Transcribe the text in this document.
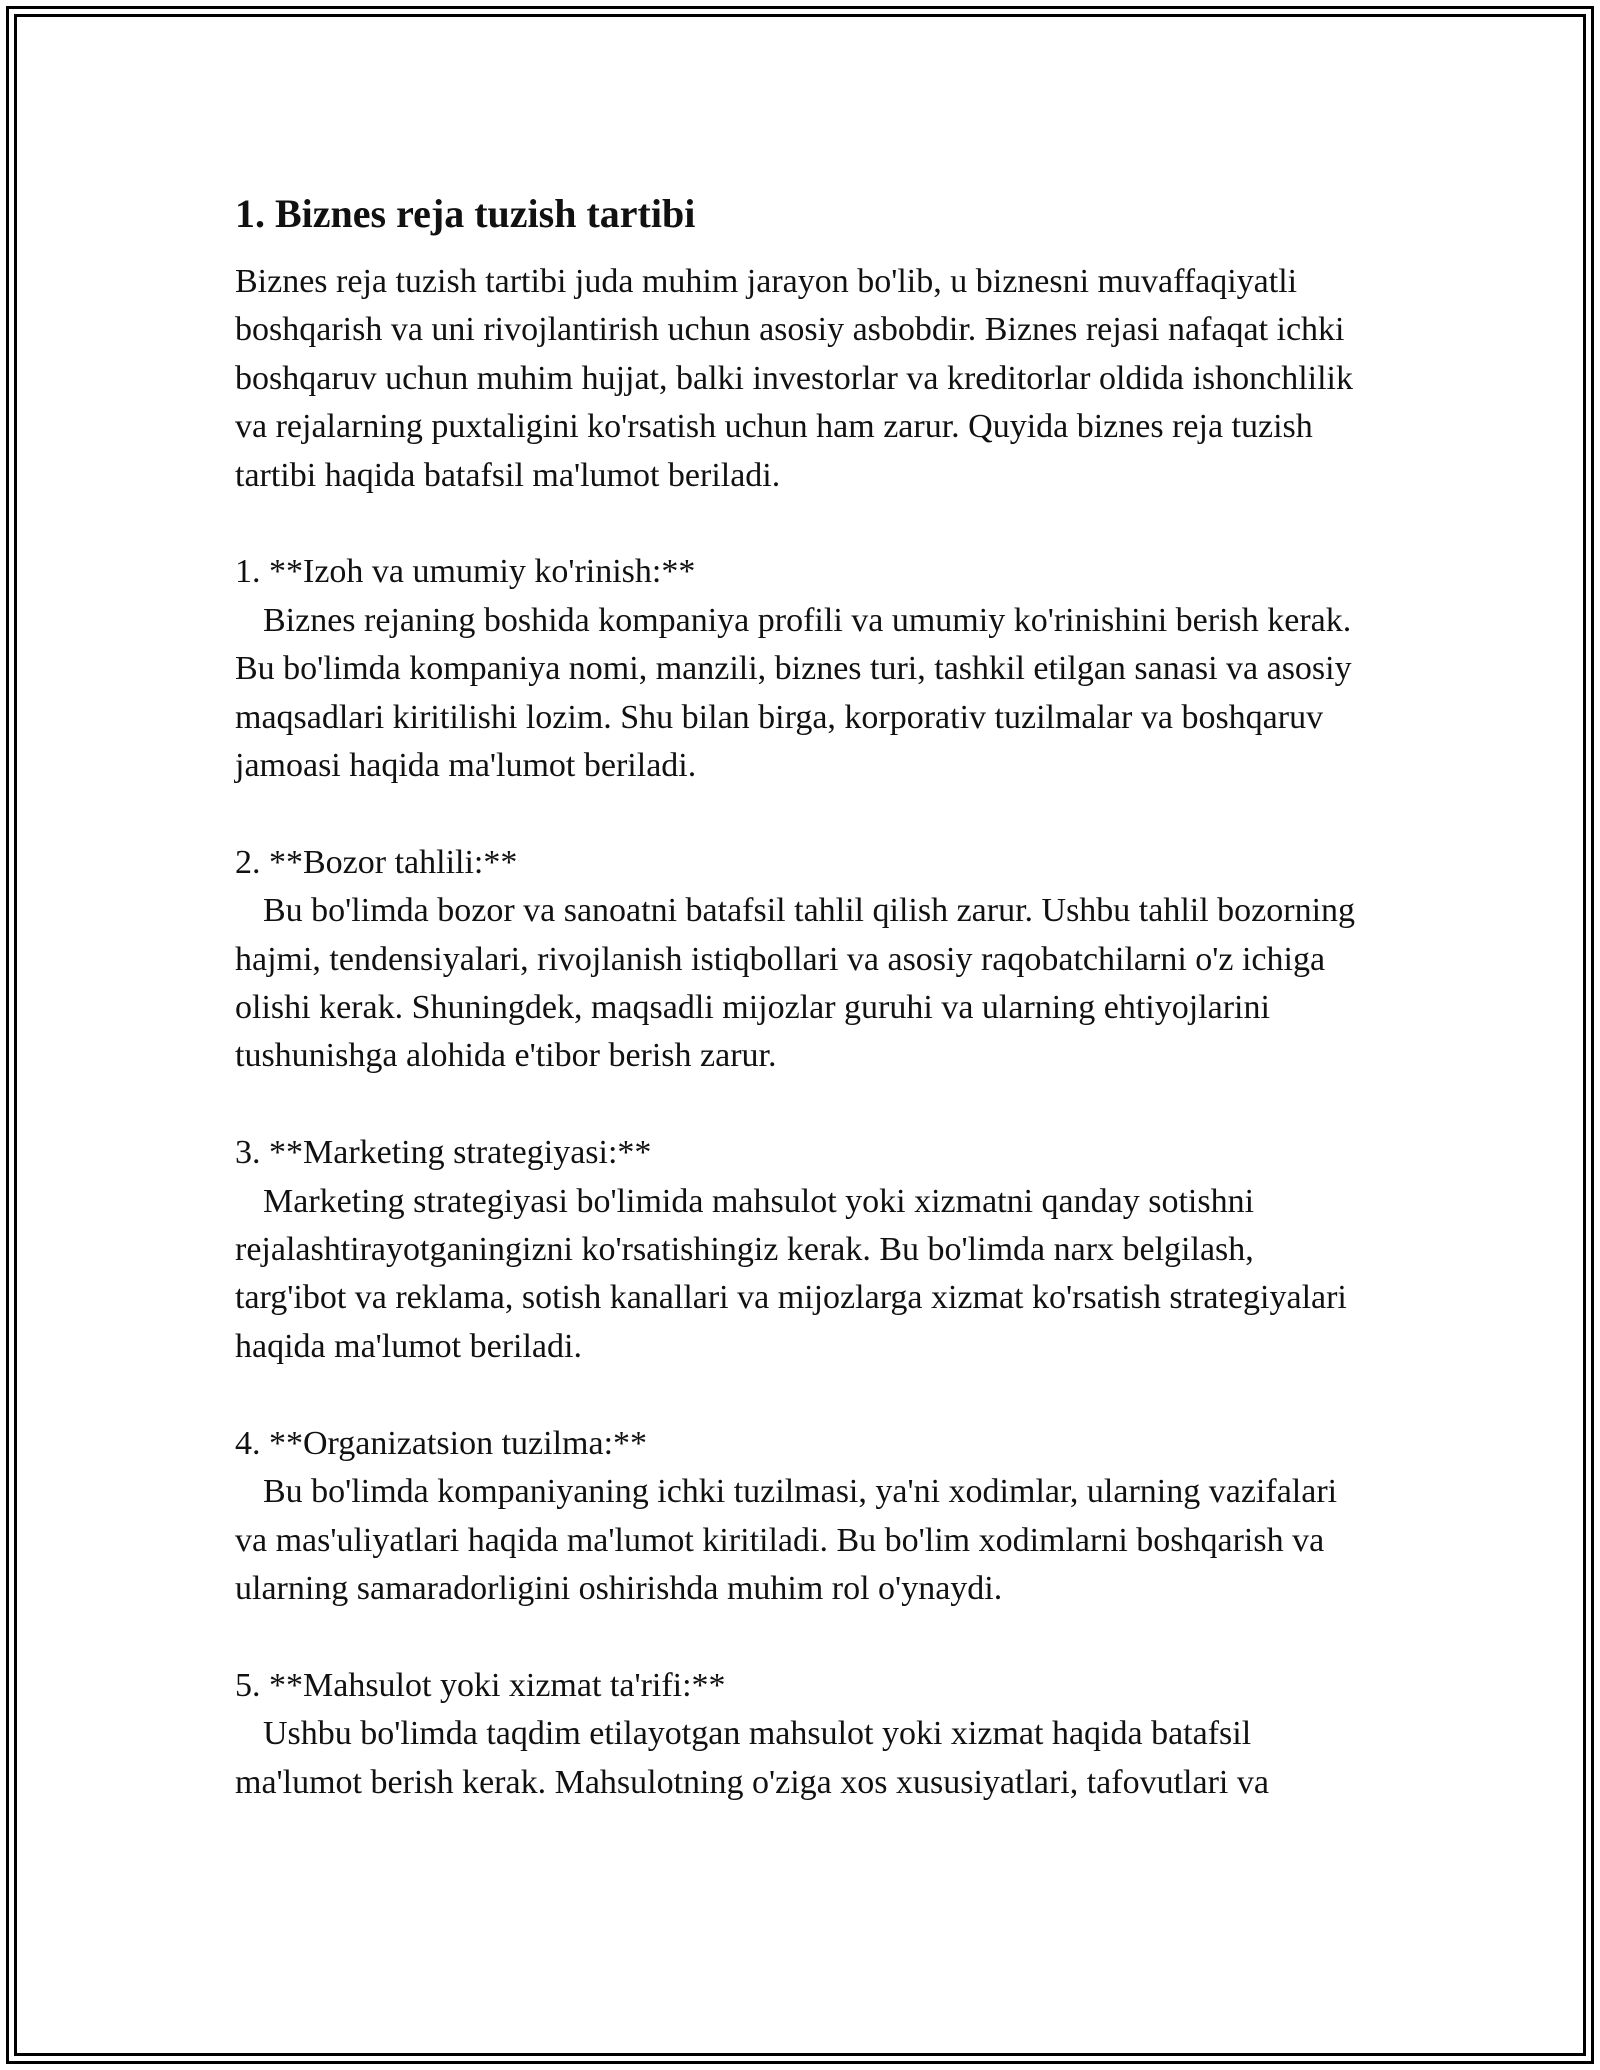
1. Biznes reja tuzish tartibi

Biznes reja tuzish tartibi juda muhim jarayon bo'lib, u biznesni muvaffaqiyatli boshqarish va uni rivojlantirish uchun asosiy asbobdir. Biznes rejasi nafaqat ichki boshqaruv uchun muhim hujjat, balki investorlar va kreditorlar oldida ishonchlilik va rejalarning puxtaligini ko'rsatish uchun ham zarur. Quyida biznes reja tuzish tartibi haqida batafsil ma'lumot beriladi.

1. **Izoh va umumiy ko'rinish:**

Biznes rejaning boshida kompaniya profili va umumiy ko'rinishini berish kerak. Bu bo'limda kompaniya nomi, manzili, biznes turi, tashkil etilgan sanasi va asosiy maqsadlari kiritilishi lozim. Shu bilan birga, korporativ tuzilmalar va boshqaruv jamoasi haqida ma'lumot beriladi.

2. **Bozor tahlili:**

Bu bo'limda bozor va sanoatni batafsil tahlil qilish zarur. Ushbu tahlil bozorning hajmi, tendensiyalari, rivojlanish istiqbollari va asosiy raqobatchilarni o'z ichiga olishi kerak. Shuningdek, maqsadli mijozlar guruhi va ularning ehtiyojlarini tushunishga alohida e'tibor berish zarur.

3. **Marketing strategiyasi:**

Marketing strategiyasi bo'limida mahsulot yoki xizmatni qanday sotishni rejalashtirayotganingizni ko'rsatishingiz kerak. Bu bo'limda narx belgilash, targ'ibot va reklama, sotish kanallari va mijozlarga xizmat ko'rsatish strategiyalari haqida ma'lumot beriladi.

4. **Organizatsion tuzilma:**

Bu bo'limda kompaniyaning ichki tuzilmasi, ya'ni xodimlar, ularning vazifalari va mas'uliyatlari haqida ma'lumot kiritiladi. Bu bo'lim xodimlarni boshqarish va ularning samaradorligini oshirishda muhim rol o'ynaydi.

5. **Mahsulot yoki xizmat ta'rifi:**

Ushbu bo'limda taqdim etilayotgan mahsulot yoki xizmat haqida batafsil ma'lumot berish kerak. Mahsulotning o'ziga xos xususiyatlari, tafovutlari va
